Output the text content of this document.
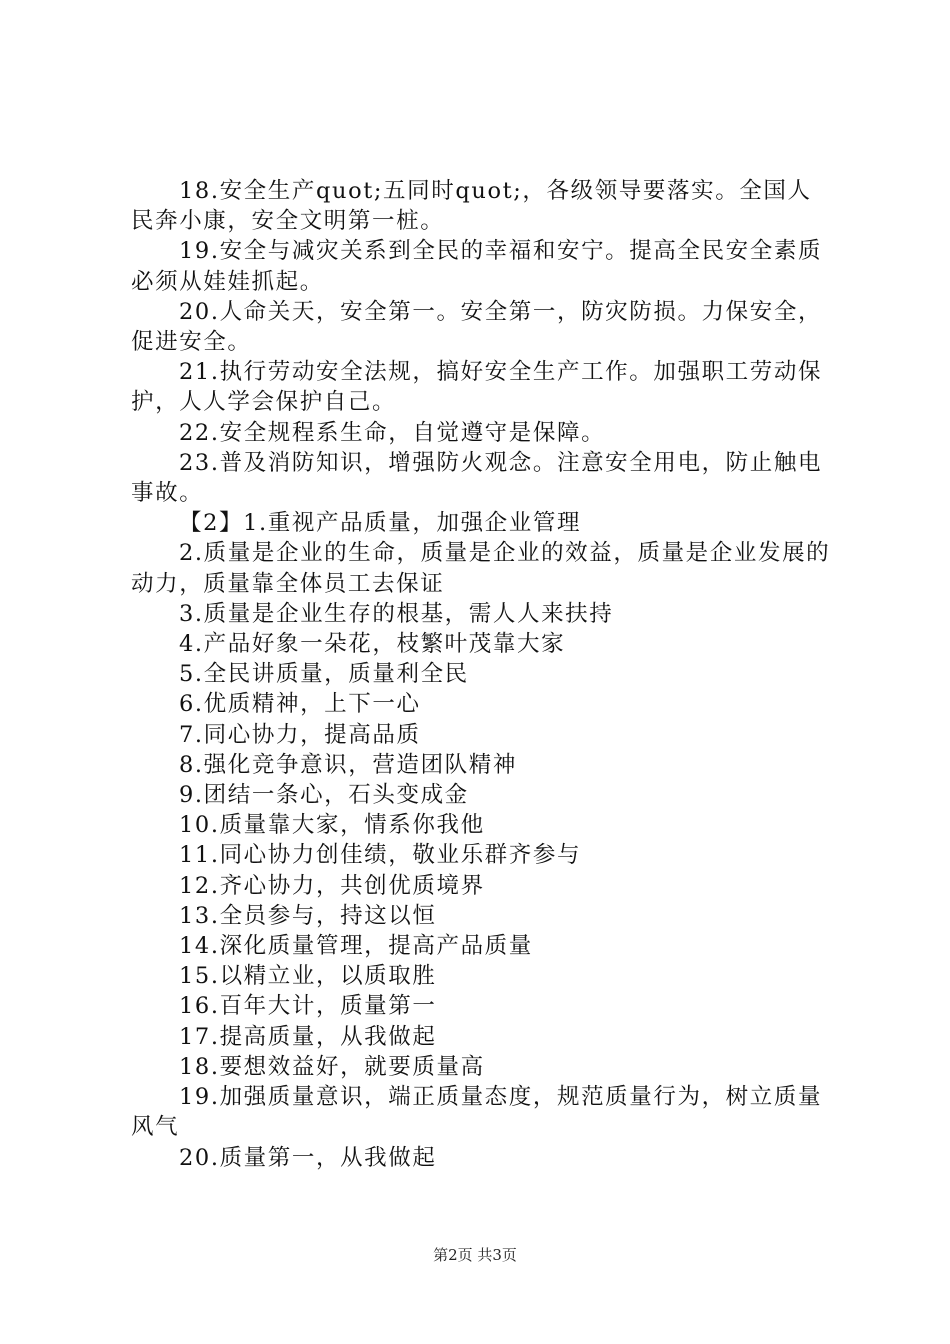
18.安全生产quot;五同时quot;，各级领导要落实。全国人民奔小康，安全文明第一桩。

19.安全与减灾关系到全民的幸福和安宁。提高全民安全素质必须从娃娃抓起。

20.人命关天，安全第一。安全第一，防灾防损。力保安全，促进安全。

21.执行劳动安全法规，搞好安全生产工作。加强职工劳动保护，人人学会保护自己。

22.安全规程系生命，自觉遵守是保障。

23.普及消防知识，增强防火观念。注意安全用电，防止触电事故。

【2】1.重视产品质量，加强企业管理

2.质量是企业的生命，质量是企业的效益，质量是企业发展的动力，质量靠全体员工去保证

3.质量是企业生存的根基，需人人来扶持

4.产品好象一朵花，枝繁叶茂靠大家

5.全民讲质量，质量利全民

6.优质精神，上下一心

7.同心协力，提高品质

8.强化竞争意识，营造团队精神

9.团结一条心，石头变成金

10.质量靠大家，情系你我他

11.同心协力创佳绩，敬业乐群齐参与

12.齐心协力，共创优质境界

13.全员参与，持这以恒

14.深化质量管理，提高产品质量

15.以精立业，以质取胜

16.百年大计，质量第一

17.提高质量，从我做起

18.要想效益好，就要质量高

19.加强质量意识，端正质量态度，规范质量行为，树立质量风气

20.质量第一，从我做起

第2页 共3页
